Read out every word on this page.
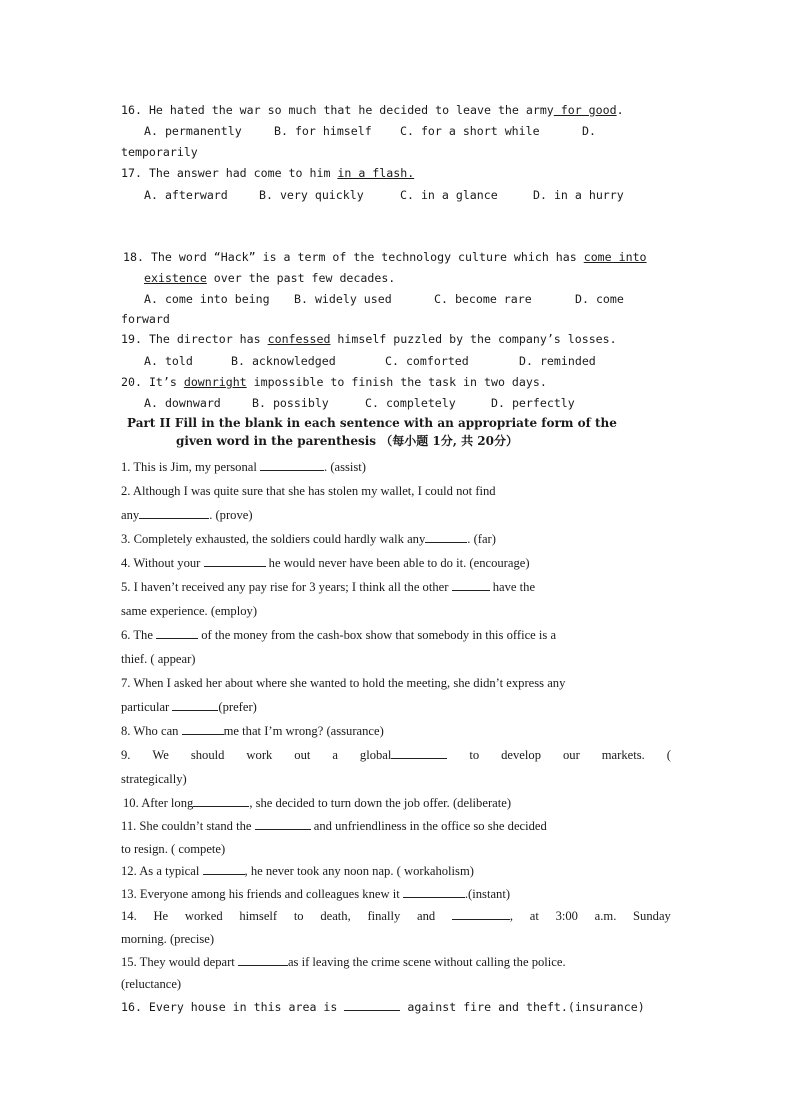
16. He hated the war so much that he decided to leave the army for good.
A. permanently	B. for himself C. for a short while	D.
temporarily
17. The answer had come to him in a flash.
A. afterward	B. very quickly	C. in a glance	D. in a hurry
18. The word “Hack” is a term of the technology culture which has come into
existence over the past few decades.
A. come into being B. widely used	C. become rare	D. come
forward
19. The director has confessed himself puzzled by the company’s losses.
A. told	B. acknowledged	C. comforted	D. reminded
20. It’s downright impossible to finish the task in two days.
A. downward	B. possibly	C. completely	D. perfectly
Part II Fill in the blank in each sentence with an appropriate form of the
given word in the parenthesis （每小题 1分, 共 20分）
1. This is Jim, my personal	. (assist)
2. Although I was quite sure that she has stolen my wallet, I could not find
any	. (prove)
3. Completely exhausted, the soldiers could hardly walk any	. (far)
4. Without your	he would never have been able to do it. (encourage)
5. I haven’t received any pay rise for 3 years; I think all the other	have the
same experience. (employ)
6. The	of the money from the cash-box show that somebody in this office is a
thief. ( appear)
7. When I asked her about where she wanted to hold the meeting, she didn’t express any
particular	(prefer)
8. Who can	me that I’m wrong? (assurance)
9. We should work out a global	to develop our markets. (
strategically)
10. After long	, she decided to turn down the job offer. (deliberate)
11. She couldn’t stand the	and unfriendliness in the office so she decided
to resign. ( compete)
12. As a typical	, he never took any noon nap. ( workaholism)
13. Everyone among his friends and colleagues knew it	.(instant)
14. He worked himself to death, finally and	, at 3:00 a.m. Sunday
morning. (precise)
15. They would depart	as if leaving the crime scene without calling the police.
(reluctance)
16. Every house in this area is	against fire and theft.(insurance)
